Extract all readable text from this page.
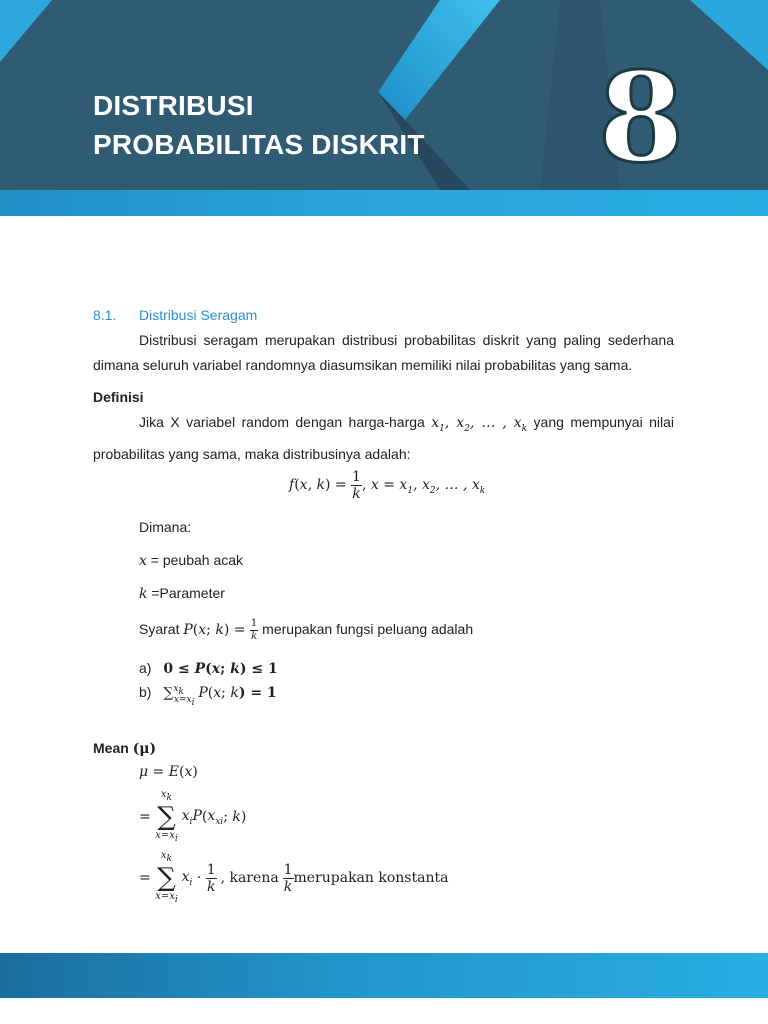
DISTRIBUSI
PROBABILITAS DISKRIT 8
8.1. Distribusi Seragam

Distribusi seragam merupakan distribusi probabilitas diskrit yang paling sederhana dimana seluruh variabel randomnya diasumsikan memiliki nilai probabilitas yang sama.

Definisi

Jika X variabel random dengan harga-harga $x_1$, $x_2$, … , $x_k$ yang mempunyai nilai probabilitas yang sama, maka distribusinya adalah:

f(x, $k) = \frac{1}{k}$ , $x = x_1$, $x_2$, … , $x_k$
Dimana:
x = peubah acak
k =Parameter
Syarat P(x; $k) = \frac{1}{k}$ merupakan fungsi peluang adalah
a) 0 ≤ P(x; k) ≤ 1
b) ∑$^{x_k}_{x=x_i}$ P(x; k) = 1
Mean (μ)
μ = E(x)
=
$x_k$
∑
$x=x_i$
$x_iP(x_{xi}$; k)
=
$x_k$
∑
$x=x_i$
$x_i \cdot \frac{1}{k}$ , karena $\frac{1}{k}$ merupakan konstanta
